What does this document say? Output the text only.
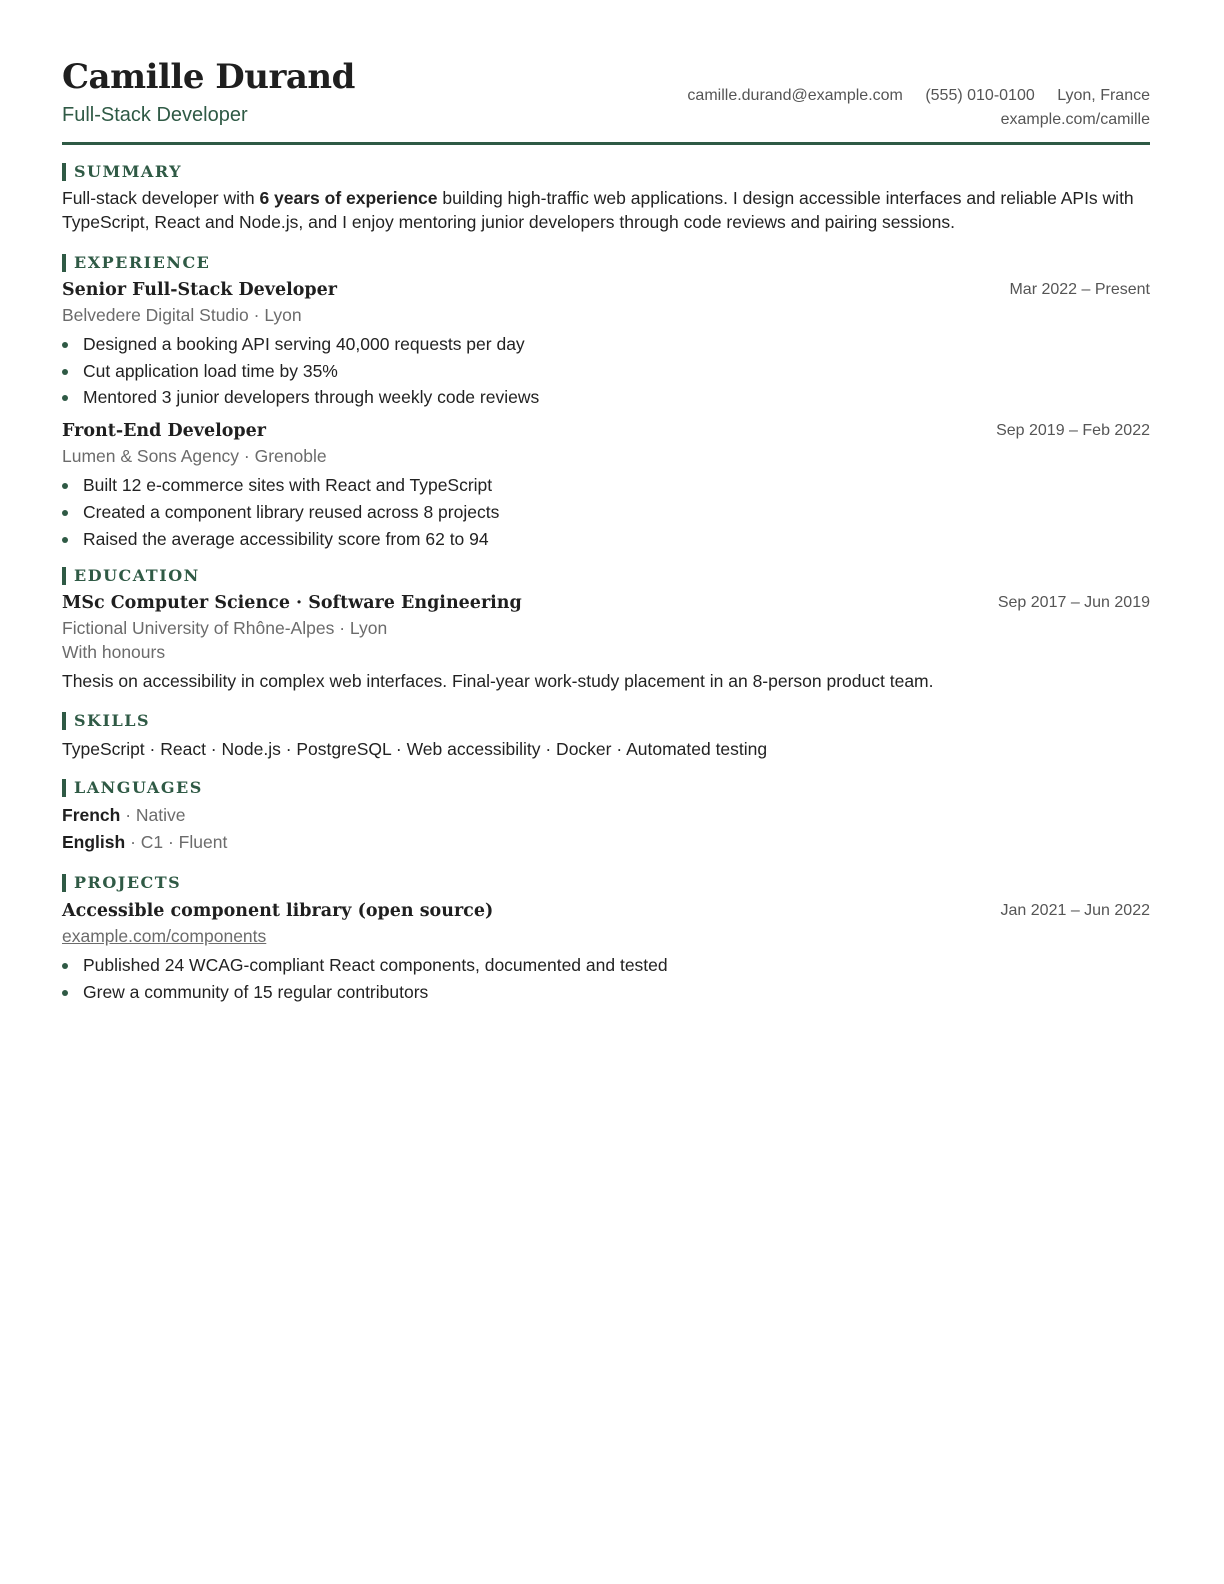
Camille Durand
Full-Stack Developer
camille.durand@example.com (555) 010-0100 Lyon, France
example.com/camille
SUMMARY
Full-stack developer with 6 years of experience building high-traffic web applications. I design accessible interfaces and reliable APIs with TypeScript, React and Node.js, and I enjoy mentoring junior developers through code reviews and pairing sessions.
EXPERIENCE
Senior Full-Stack Developer	Mar 2022 – Present
Belvedere Digital Studio · Lyon
Designed a booking API serving 40,000 requests per day
Cut application load time by 35%
Mentored 3 junior developers through weekly code reviews
Front-End Developer	Sep 2019 – Feb 2022
Lumen & Sons Agency · Grenoble
Built 12 e-commerce sites with React and TypeScript
Created a component library reused across 8 projects
Raised the average accessibility score from 62 to 94
EDUCATION
MSc Computer Science · Software Engineering	Sep 2017 – Jun 2019
Fictional University of Rhône-Alpes · Lyon
With honours
Thesis on accessibility in complex web interfaces. Final-year work-study placement in an 8-person product team.
SKILLS
TypeScript · React · Node.js · PostgreSQL · Web accessibility · Docker · Automated testing
LANGUAGES
French · Native
English · C1 · Fluent
PROJECTS
Accessible component library (open source)	Jan 2021 – Jun 2022
example.com/components
Published 24 WCAG-compliant React components, documented and tested
Grew a community of 15 regular contributors
